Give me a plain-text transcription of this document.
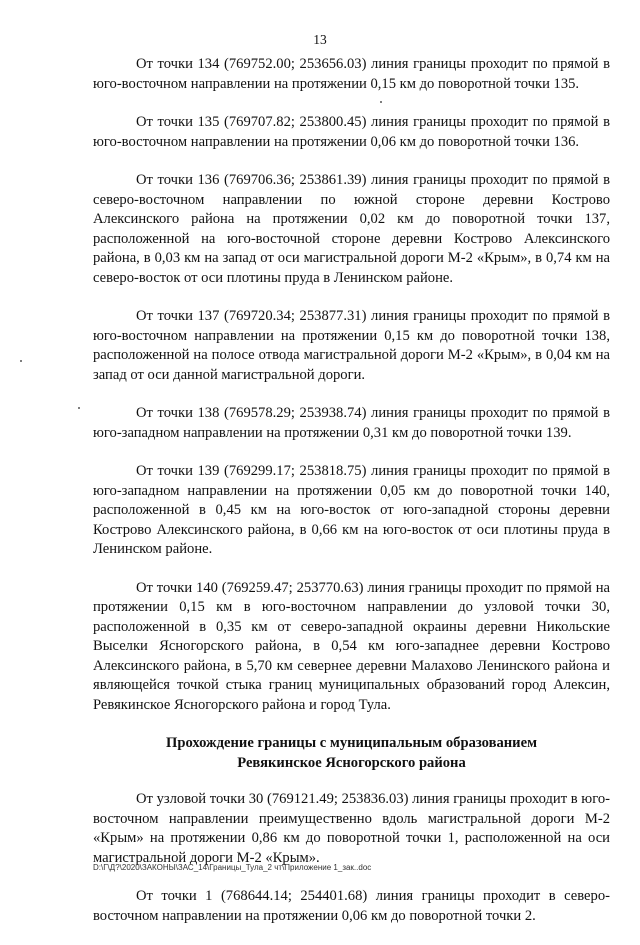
13

От точки 134 (769752.00; 253656.03) линия границы проходит по прямой в юго-восточном направлении на протяжении 0,15 км до поворотной точки 135.

От точки 135 (769707.82; 253800.45) линия границы проходит по прямой в юго-восточном направлении на протяжении 0,06 км до поворотной точки 136.

От точки 136 (769706.36; 253861.39) линия границы проходит по прямой в северо-восточном направлении по южной стороне деревни Кострово Алексинского района на протяжении 0,02 км до поворотной точки 137, расположенной на юго-восточной стороне деревни Кострово Алексинского района, в 0,03 км на запад от оси магистральной дороги М-2 «Крым», в 0,74 км на северо-восток от оси плотины пруда в Ленинском районе.

От точки 137 (769720.34; 253877.31) линия границы проходит по прямой в юго-восточном направлении на протяжении 0,15 км до поворотной точки 138, расположенной на полосе отвода магистральной дороги М-2 «Крым», в 0,04 км на запад от оси данной магистральной дороги.

От точки 138 (769578.29; 253938.74) линия границы проходит по прямой в юго-западном направлении на протяжении 0,31 км до поворотной точки 139.

От точки 139 (769299.17; 253818.75) линия границы проходит по прямой в юго-западном направлении на протяжении 0,05 км до поворотной точки 140, расположенной в 0,45 км на юго-восток от юго-западной стороны деревни Кострово Алексинского района, в 0,66 км на юго-восток от оси плотины пруда в Ленинском районе.

От точки 140 (769259.47; 253770.63) линия границы проходит по прямой на протяжении 0,15 км в юго-восточном направлении до узловой точки 30, расположенной в 0,35 км от северо-западной окраины деревни Никольские Выселки Ясногорского района, в 0,54 км юго-западнее деревни Кострово Алексинского района, в 5,70 км севернее деревни Малахово Ленинского района и являющейся точкой стыка границ муниципальных образований город Алексин, Ревякинское Ясногорского района и город Тула.

Прохождение границы с муниципальным образованием
Ревякинское Ясногорского района

От узловой точки 30 (769121.49; 253836.03) линия границы проходит в юго-восточном направлении преимущественно вдоль магистральной дороги М-2 «Крым» на протяжении 0,86 км до поворотной точки 1, расположенной на оси магистральной дороги М-2 «Крым».

От точки 1 (768644.14; 254401.68) линия границы проходит в северо-восточном направлении на протяжении 0,06 км до поворотной точки 2.

D:\Г\Д?\2020\ЗАКОНЫ\ЗАС_14\Границы_Тула_2 чт\Приложение 1_зак..doc
